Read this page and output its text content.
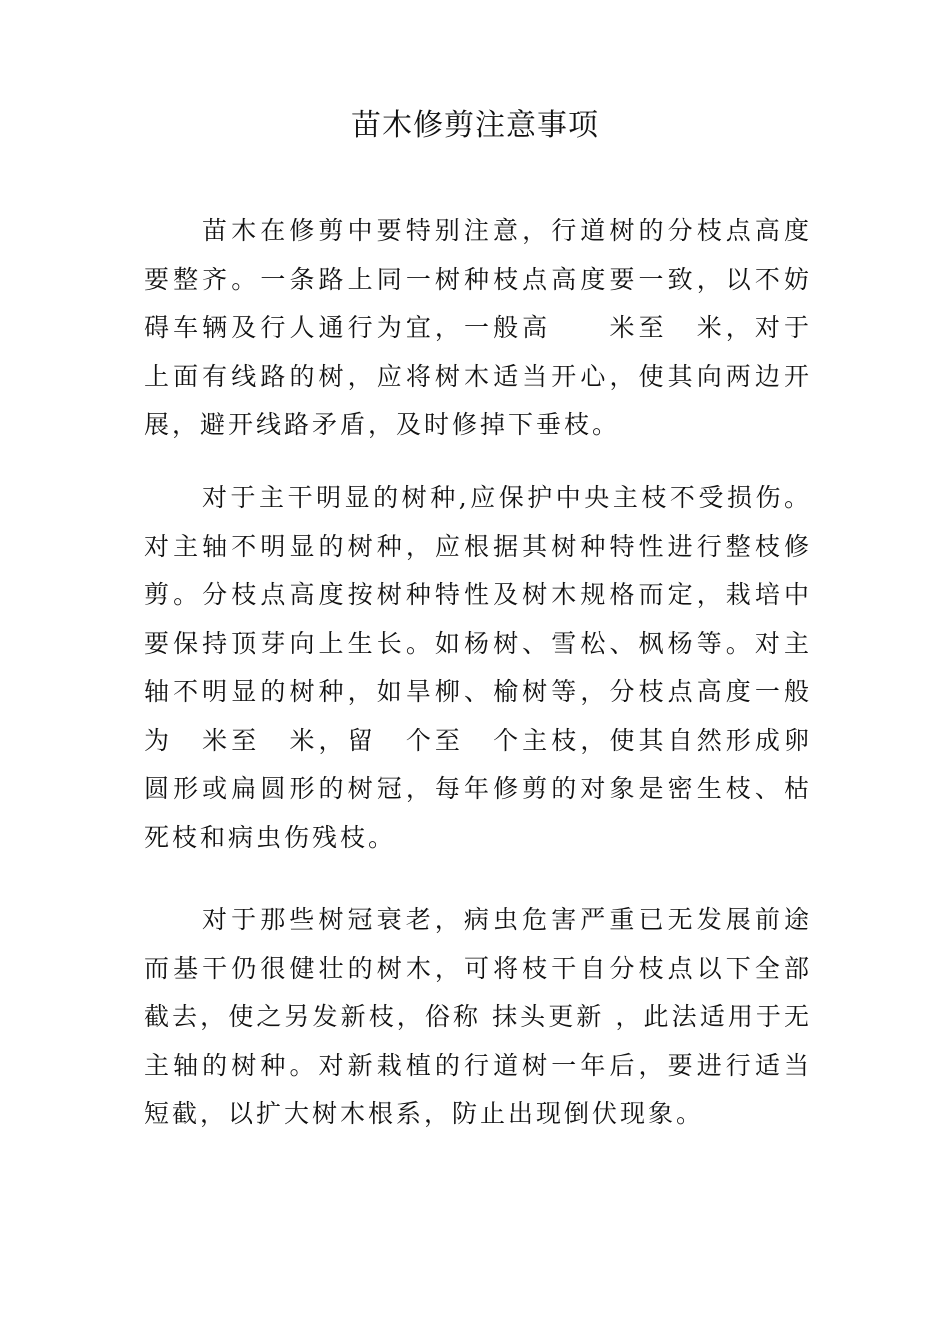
苗木修剪注意事项

苗木在修剪中要特别注意，行道树的分枝点高度要整齐。一条路上同一树种枝点高度要一致，以不妨碍车辆及行人通行为宜，一般高　　米至　米，对于上面有线路的树，应将树木适当开心，使其向两边开展，避开线路矛盾，及时修掉下垂枝。

对于主干明显的树种,应保护中央主枝不受损伤。对主轴不明显的树种，应根据其树种特性进行整枝修剪。分枝点高度按树种特性及树木规格而定，栽培中要保持顶芽向上生长。如杨树、雪松、枫杨等。对主轴不明显的树种，如旱柳、榆树等，分枝点高度一般为　米至　米，留　个至　个主枝，使其自然形成卵圆形或扁圆形的树冠，每年修剪的对象是密生枝、枯死枝和病虫伤残枝。

对于那些树冠衰老，病虫危害严重已无发展前途而基干仍很健壮的树木，可将枝干自分枝点以下全部截去，使之另发新枝，俗称 抹头更新 ，此法适用于无主轴的树种。对新栽植的行道树一年后，要进行适当短截，以扩大树木根系，防止出现倒伏现象。
